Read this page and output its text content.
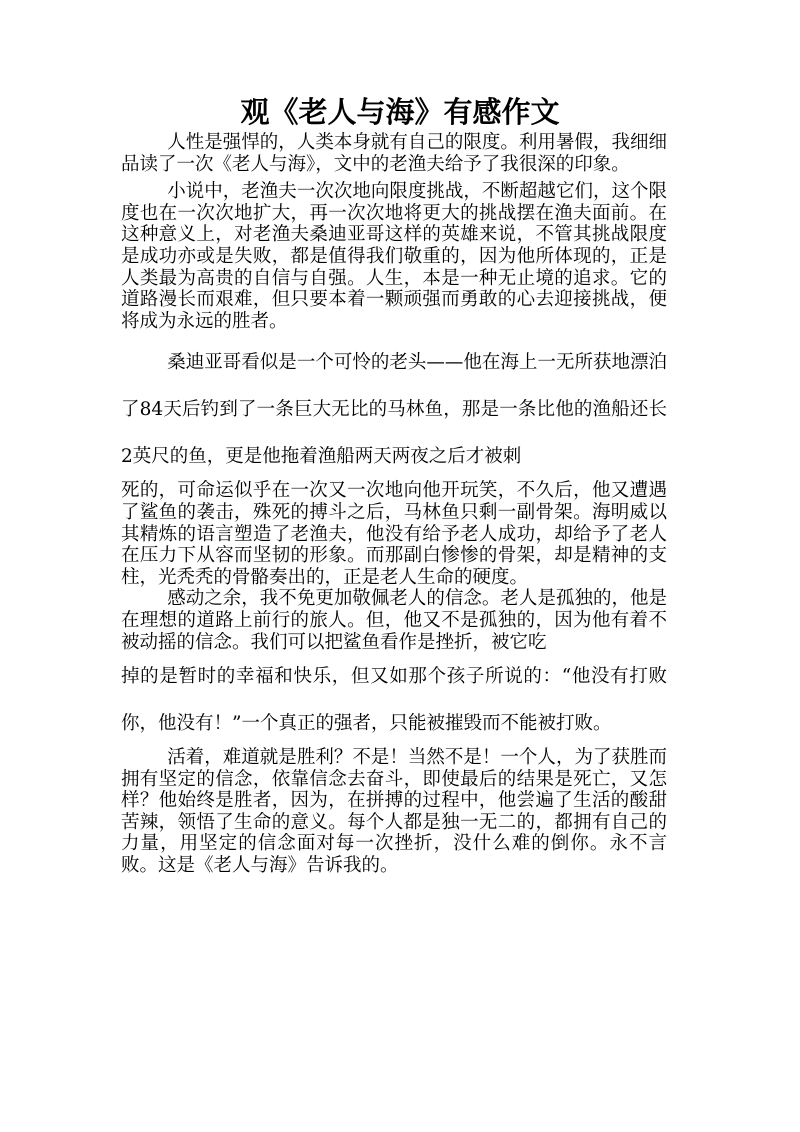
观《老人与海》有感作文

人性是强悍的，人类本身就有自己的限度。利用暑假，我细细品读了一次《老人与海》，文中的老渔夫给予了我很深的印象。

小说中，老渔夫一次次地向限度挑战，不断超越它们，这个限度也在一次次地扩大，再一次次地将更大的挑战摆在渔夫面前。在这种意义上，对老渔夫桑迪亚哥这样的英雄来说，不管其挑战限度是成功亦或是失败，都是值得我们敬重的，因为他所体现的，正是人类最为高贵的自信与自强。人生，本是一种无止境的追求。它的道路漫长而艰难，但只要本着一颗顽强而勇敢的心去迎接挑战，便将成为永远的胜者。

桑迪亚哥看似是一个可怜的老头——他在海上一无所获地漂泊了84天后钓到了一条巨大无比的马林鱼，那是一条比他的渔船还长2英尺的鱼，更是他拖着渔船两天两夜之后才被刺

死的，可命运似乎在一次又一次地向他开玩笑，不久后，他又遭遇了鲨鱼的袭击，殊死的搏斗之后，马林鱼只剩一副骨架。海明威以其精炼的语言塑造了老渔夫，他没有给予老人成功，却给予了老人在压力下从容而坚韧的形象。而那副白惨惨的骨架，却是精神的支柱，光秃秃的骨骼奏出的，正是老人生命的硬度。

感动之余，我不免更加敬佩老人的信念。老人是孤独的，他是在理想的道路上前行的旅人。但，他又不是孤独的，因为他有着不被动摇的信念。我们可以把鲨鱼看作是挫折，被它吃

掉的是暂时的幸福和快乐，但又如那个孩子所说的：“他没有打败你，他没有！”一个真正的强者，只能被摧毁而不能被打败。

活着，难道就是胜利？不是！当然不是！一个人，为了获胜而拥有坚定的信念，依靠信念去奋斗，即使最后的结果是死亡，又怎样？他始终是胜者，因为，在拼搏的过程中，他尝遍了生活的酸甜苦辣，领悟了生命的意义。每个人都是独一无二的，都拥有自己的力量，用坚定的信念面对每一次挫折，没什么难的倒你。永不言败。这是《老人与海》告诉我的。
